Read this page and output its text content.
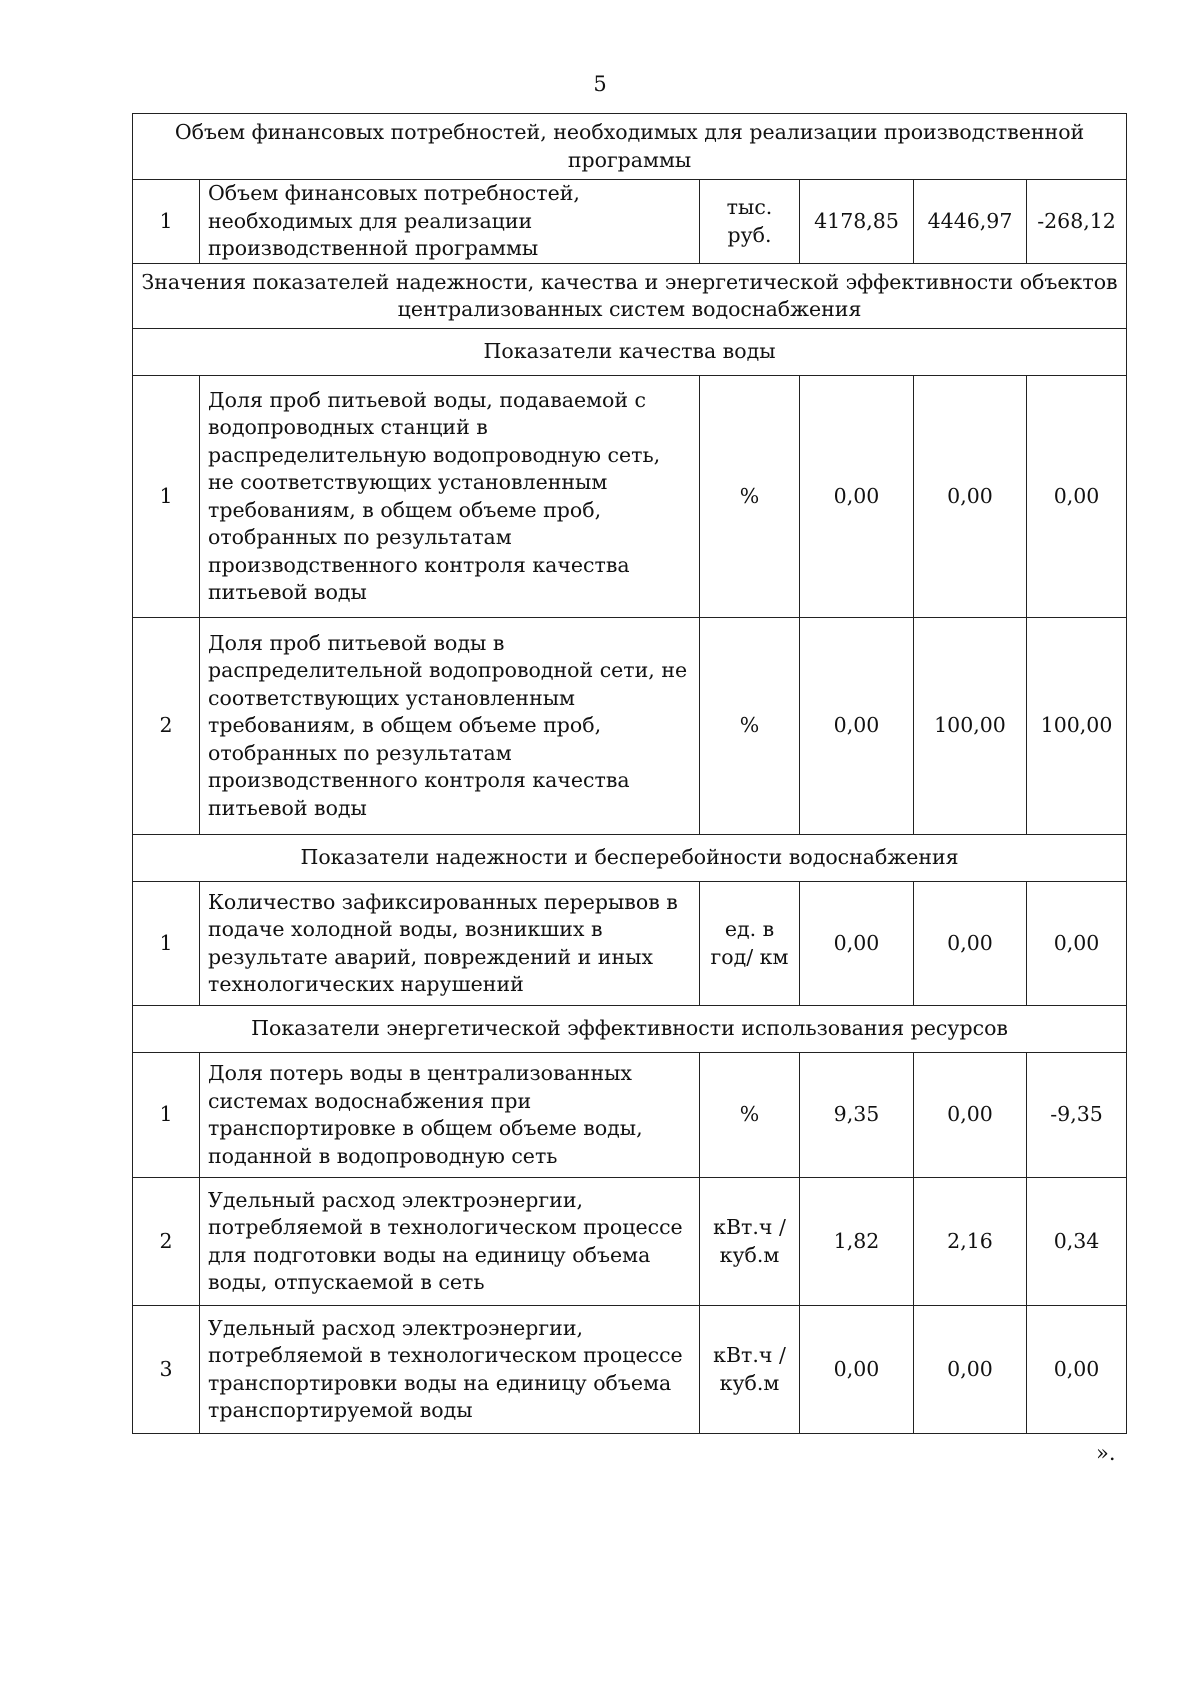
5
Объем финансовых потребностей, необходимых для реализации производственной программы					
1	Объем финансовых потребностей, необходимых для реализации производственной программы	тыс. руб.	4178,85	4446,97	-268,12
Значения показателей надежности, качества и энергетической эффективности объектов централизованных систем водоснабжения					
Показатели качества воды					
1	Доля проб питьевой воды, подаваемой с водопроводных станций в распределительную водопроводную сеть, не соответствующих установленным требованиям, в общем объеме проб, отобранных по результатам производственного контроля качества питьевой воды	%	0,00	0,00	0,00
2	Доля проб питьевой воды в распределительной водопроводной сети, не соответствующих установленным требованиям, в общем объеме проб, отобранных по результатам производственного контроля качества питьевой воды	%	0,00	100,00	100,00
Показатели надежности и бесперебойности водоснабжения					
1	Количество зафиксированных перерывов в подаче холодной воды, возникших в результате аварий, повреждений и иных технологических нарушений	ед. в год/ км	0,00	0,00	0,00
Показатели энергетической эффективности использования ресурсов					
1	Доля потерь воды в централизованных системах водоснабжения при транспортировке в общем объеме воды, поданной в водопроводную сеть	%	9,35	0,00	-9,35
2	Удельный расход электроэнергии, потребляемой в технологическом процессе для подготовки воды на единицу объема воды, отпускаемой в сеть	кВт.ч / куб.м	1,82	2,16	0,34
3	Удельный расход электроэнергии, потребляемой в технологическом процессе транспортировки воды на единицу объема транспортируемой воды	кВт.ч / куб.м	0,00	0,00	0,00
».
